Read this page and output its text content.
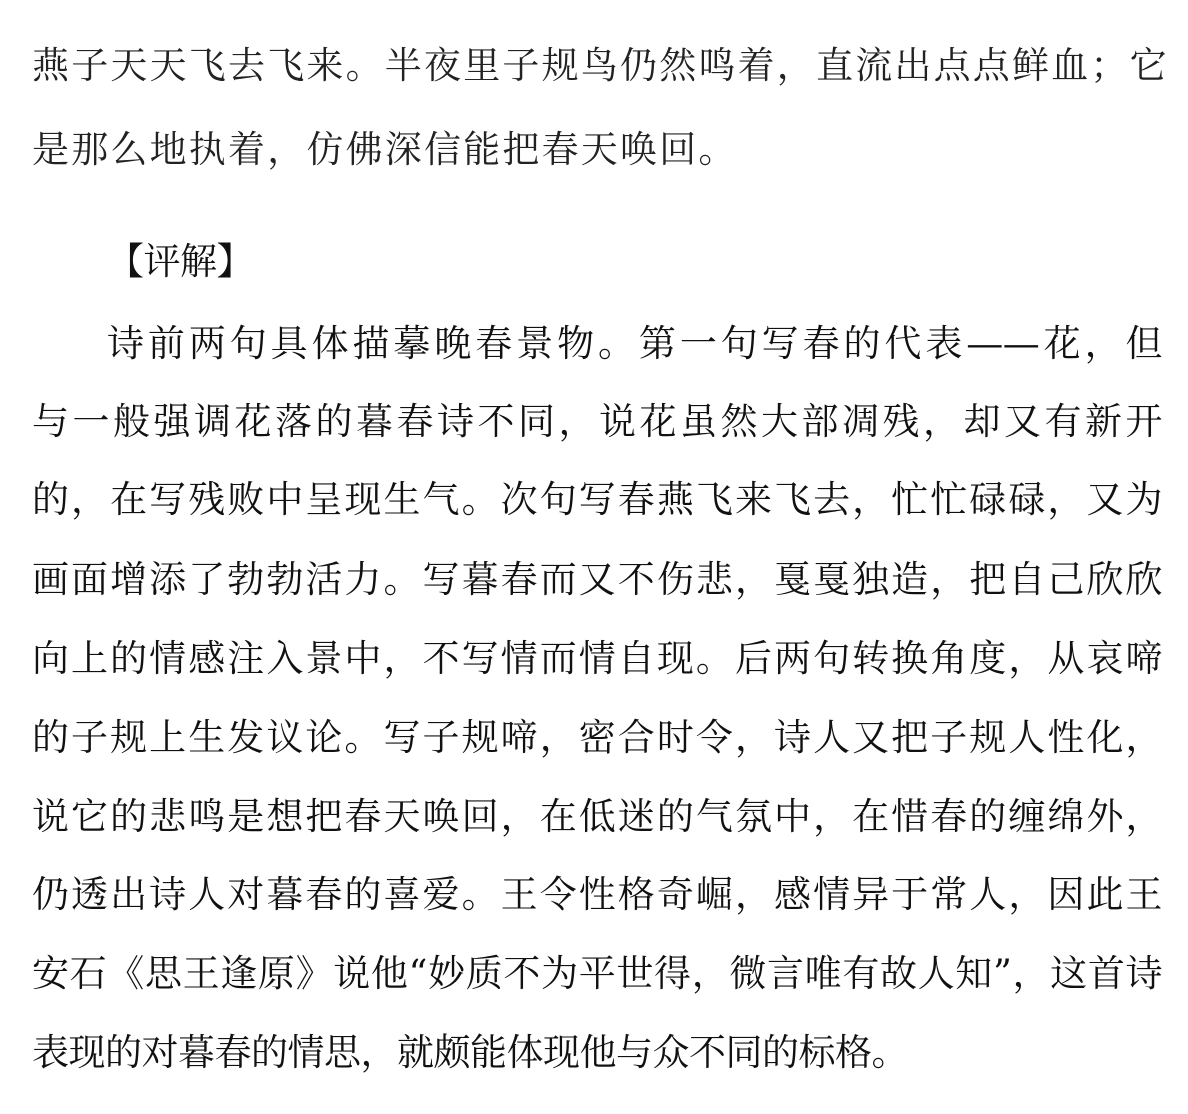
燕子天天飞去飞来。半夜里子规鸟仍然鸣着，直流出点点鲜血；它
是那么地执着，仿佛深信能把春天唤回。
【评解】
诗前两句具体描摹晚春景物。第一句写春的代表——花，但
与一般强调花落的暮春诗不同，说花虽然大部凋残，却又有新开
的，在写残败中呈现生气。次句写春燕飞来飞去，忙忙碌碌，又为
画面增添了勃勃活力。写暮春而又不伤悲，戛戛独造，把自己欣欣
向上的情感注入景中，不写情而情自现。后两句转换角度，从哀啼
的子规上生发议论。写子规啼，密合时令，诗人又把子规人性化，
说它的悲鸣是想把春天唤回，在低迷的气氛中，在惜春的缠绵外，
仍透出诗人对暮春的喜爱。王令性格奇崛，感情异于常人，因此王
安石《思王逢原》说他“妙质不为平世得，微言唯有故人知”，这首诗
表现的对暮春的情思，就颇能体现他与众不同的标格。
